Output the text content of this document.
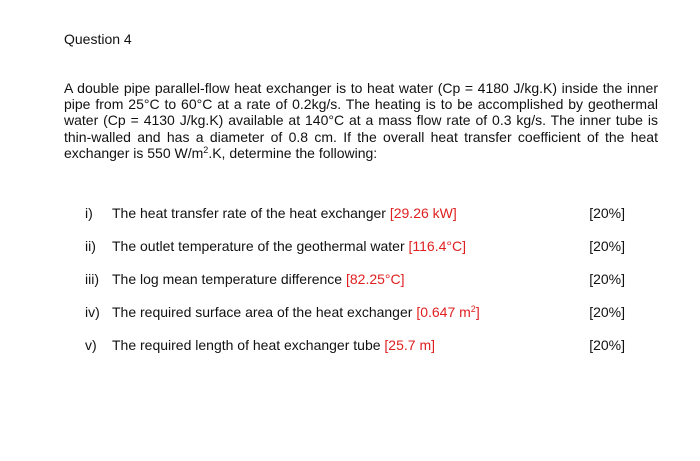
Question 4
A double pipe parallel-flow heat exchanger is to heat water (Cp = 4180 J/kg.K) inside the inner pipe from 25°C to 60°C at a rate of 0.2kg/s. The heating is to be accomplished by geothermal water (Cp = 4130 J/kg.K) available at 140°C at a mass flow rate of 0.3 kg/s. The inner tube is thin-walled and has a diameter of 0.8 cm. If the overall heat transfer coefficient of the heat exchanger is 550 $W/m^2.K$, determine the following:
i) The heat transfer rate of the heat exchanger [29.26 kW]	[20%]
ii) The outlet temperature of the geothermal water [116.4°C]	[20%]
iii) The log mean temperature difference [82.25°C]	[20%]
iv) The required surface area of the heat exchanger [0.647 $m^2$]	[20%]
v) The required length of heat exchanger tube [25.7 m]	[20%]
